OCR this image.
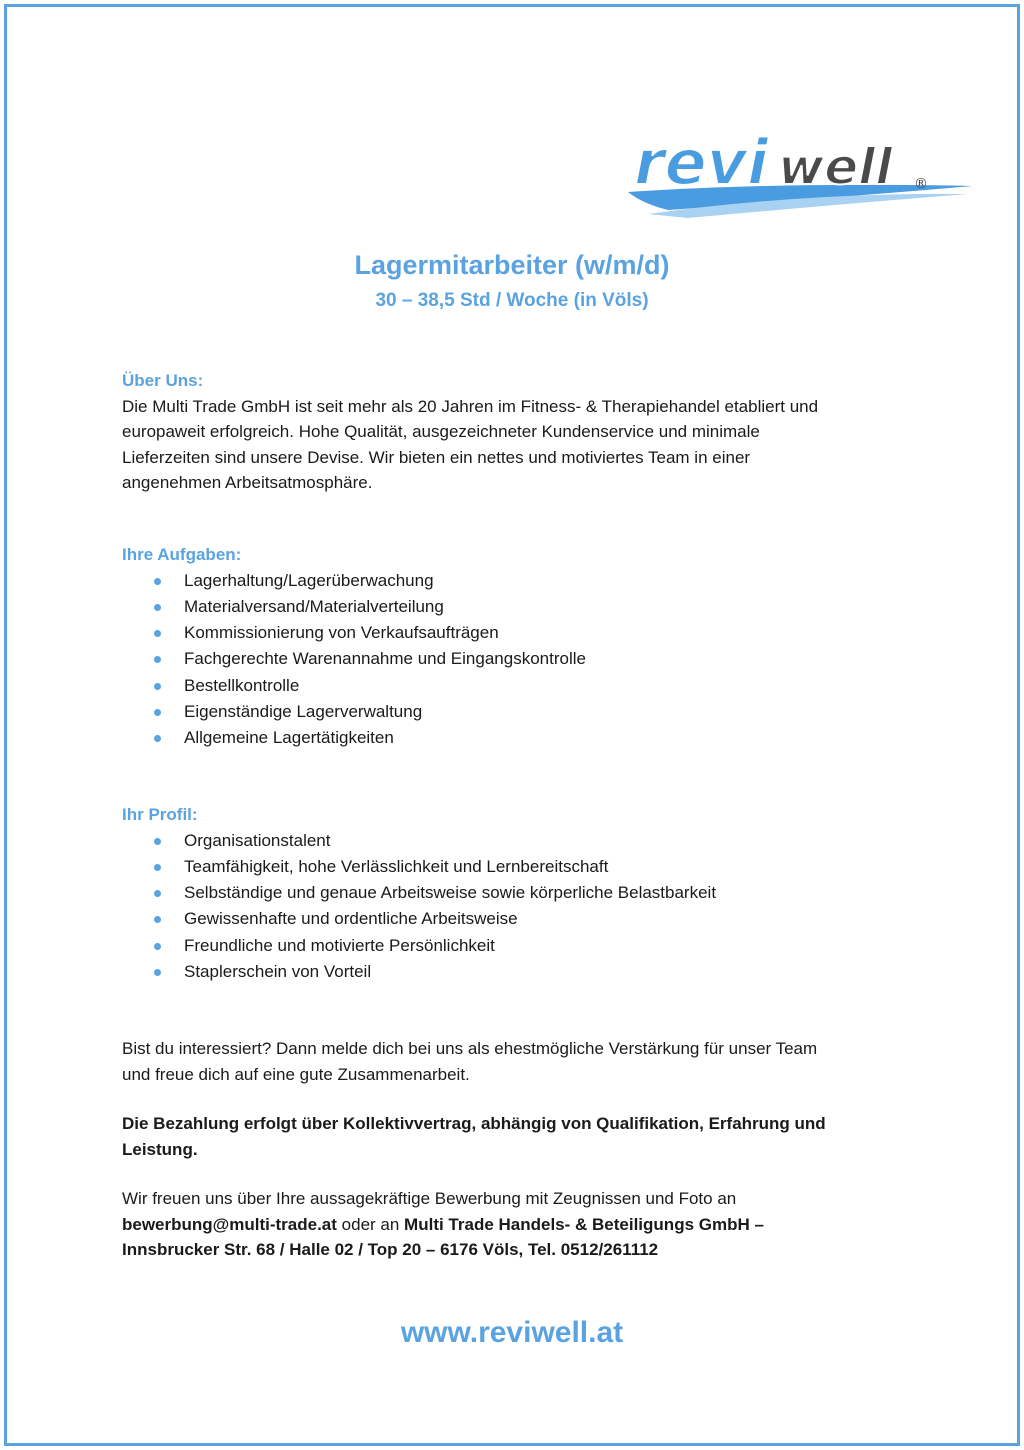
revi well ®
Lagermitarbeiter (w/m/d)
30 – 38,5 Std / Woche (in Völs)

Über Uns:

Die Multi Trade GmbH ist seit mehr als 20 Jahren im Fitness- & Therapiehandel etabliert und

europaweit erfolgreich. Hohe Qualität, ausgezeichneter Kundenservice und minimale

Lieferzeiten sind unsere Devise. Wir bieten ein nettes und motiviertes Team in einer

angenehmen Arbeitsatmosphäre.

Ihre Aufgaben:

Lagerhaltung/Lagerüberwachung
Materialversand/Materialverteilung
Kommissionierung von Verkaufsaufträgen
Fachgerechte Warenannahme und Eingangskontrolle
Bestellkontrolle
Eigenständige Lagerverwaltung
Allgemeine Lagertätigkeiten

Ihr Profil:

Organisationstalent
Teamfähigkeit, hohe Verlässlichkeit und Lernbereitschaft
Selbständige und genaue Arbeitsweise sowie körperliche Belastbarkeit
Gewissenhafte und ordentliche Arbeitsweise
Freundliche und motivierte Persönlichkeit
Staplerschein von Vorteil

Bist du interessiert? Dann melde dich bei uns als ehestmögliche Verstärkung für unser Team

und freue dich auf eine gute Zusammenarbeit.

Die Bezahlung erfolgt über Kollektivvertrag, abhängig von Qualifikation, Erfahrung und

Leistung.

Wir freuen uns über Ihre aussagekräftige Bewerbung mit Zeugnissen und Foto an

bewerbung@multi-trade.at oder an Multi Trade Handels- & Beteiligungs GmbH –

Innsbrucker Str. 68 / Halle 02 / Top 20 – 6176 Völs, Tel. 0512/261112

www.reviwell.at
